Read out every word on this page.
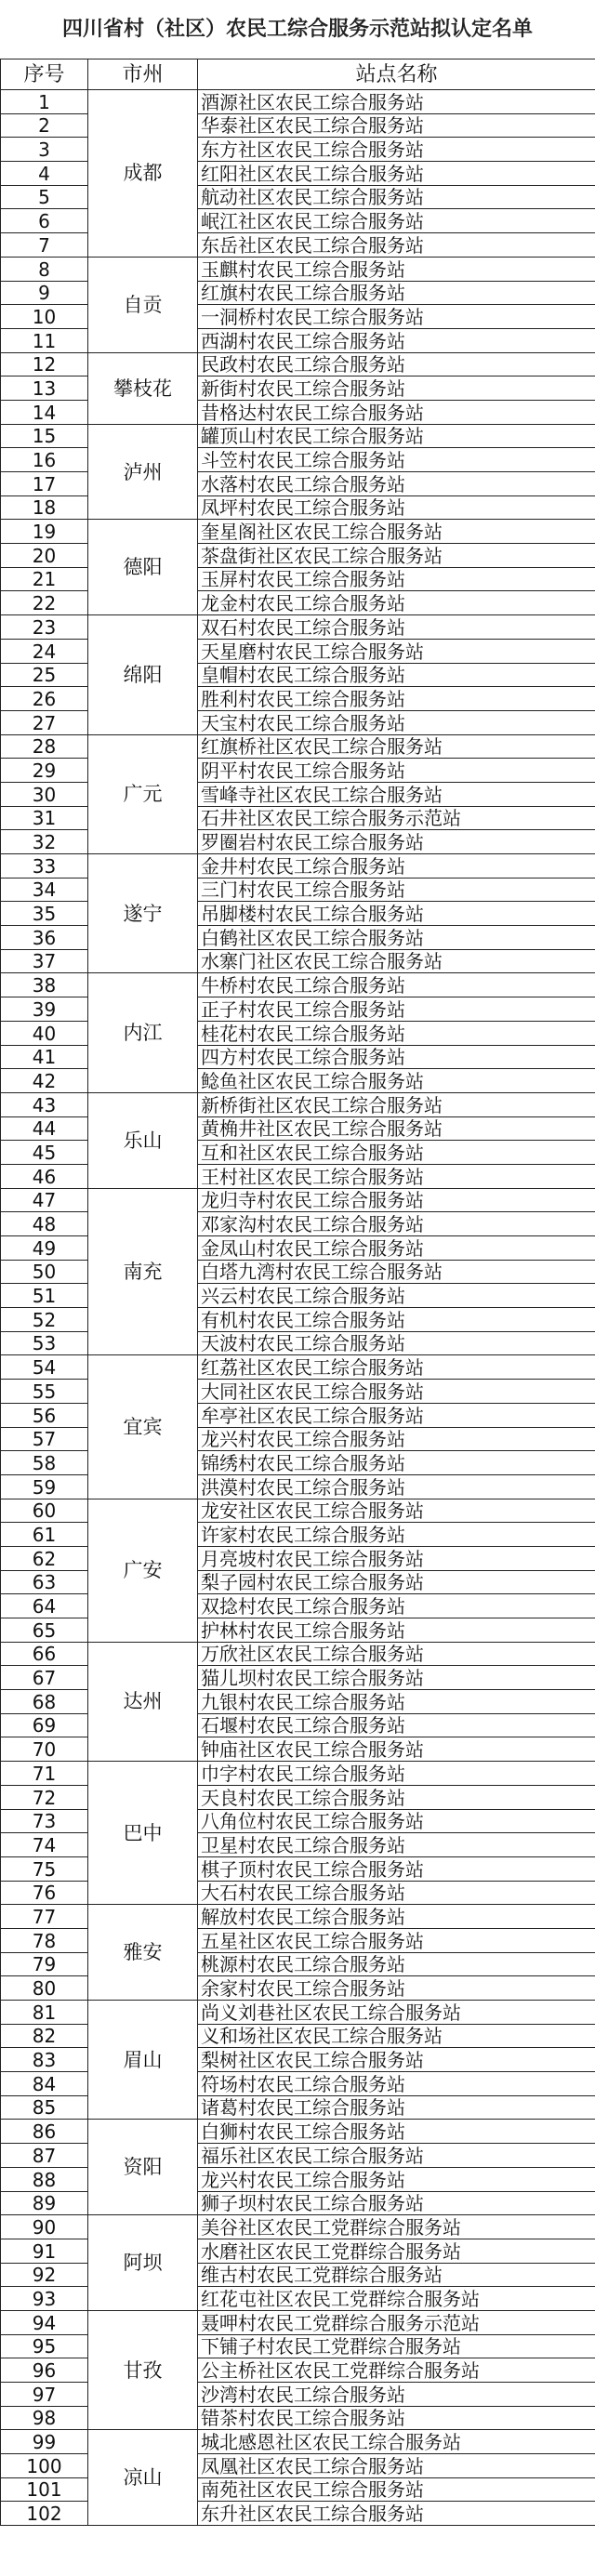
四川省村（社区）农民工综合服务示范站拟认定名单
序号	市州	站点名称
1	成都	酒源社区农民工综合服务站
2		华泰社区农民工综合服务站
3		东方社区农民工综合服务站
4		红阳社区农民工综合服务站
5		航动社区农民工综合服务站
6		岷江社区农民工综合服务站
7		东岳社区农民工综合服务站
8	自贡	玉麒村农民工综合服务站
9		红旗村农民工综合服务站
10		一洞桥村农民工综合服务站
11		西湖村农民工综合服务站
12	攀枝花	民政村农民工综合服务站
13		新街村农民工综合服务站
14		昔格达村农民工综合服务站
15	泸州	罐顶山村农民工综合服务站
16		斗笠村农民工综合服务站
17		水落村农民工综合服务站
18		凤坪村农民工综合服务站
19	德阳	奎星阁社区农民工综合服务站
20		茶盘街社区农民工综合服务站
21		玉屏村农民工综合服务站
22		龙金村农民工综合服务站
23	绵阳	双石村农民工综合服务站
24		天星磨村农民工综合服务站
25		皇帽村农民工综合服务站
26		胜利村农民工综合服务站
27		天宝村农民工综合服务站
28	广元	红旗桥社区农民工综合服务站
29		阴平村农民工综合服务站
30		雪峰寺社区农民工综合服务站
31		石井社区农民工综合服务示范站
32		罗圈岩村农民工综合服务站
33	遂宁	金井村农民工综合服务站
34		三门村农民工综合服务站
35		吊脚楼村农民工综合服务站
36		白鹤社区农民工综合服务站
37		水寨门社区农民工综合服务站
38	内江	牛桥村农民工综合服务站
39		正子村农民工综合服务站
40		桂花村农民工综合服务站
41		四方村农民工综合服务站
42		鲶鱼社区农民工综合服务站
43	乐山	新桥街社区农民工综合服务站
44		黄桷井社区农民工综合服务站
45		互和社区农民工综合服务站
46		王村社区农民工综合服务站
47	南充	龙归寺村农民工综合服务站
48		邓家沟村农民工综合服务站
49		金凤山村农民工综合服务站
50		白塔九湾村农民工综合服务站
51		兴云村农民工综合服务站
52		有机村农民工综合服务站
53		天波村农民工综合服务站
54	宜宾	红荔社区农民工综合服务站
55		大同社区农民工综合服务站
56		牟亭社区农民工综合服务站
57		龙兴村农民工综合服务站
58		锦绣村农民工综合服务站
59		洪漠村农民工综合服务站
60	广安	龙安社区农民工综合服务站
61		许家村农民工综合服务站
62		月亮坡村农民工综合服务站
63		梨子园村农民工综合服务站
64		双捻村农民工综合服务站
65		护林村农民工综合服务站
66	达州	万欣社区农民工综合服务站
67		猫儿坝村农民工综合服务站
68		九银村农民工综合服务站
69		石堰村农民工综合服务站
70		钟庙社区农民工综合服务站
71	巴中	巾字村农民工综合服务站
72		天良村农民工综合服务站
73		八角位村农民工综合服务站
74		卫星村农民工综合服务站
75		棋子顶村农民工综合服务站
76		大石村农民工综合服务站
77	雅安	解放村农民工综合服务站
78		五星社区农民工综合服务站
79		桃源村农民工综合服务站
80		余家村农民工综合服务站
81	眉山	尚义刘巷社区农民工综合服务站
82		义和场社区农民工综合服务站
83		梨树社区农民工综合服务站
84		符场村农民工综合服务站
85		诸葛村农民工综合服务站
86	资阳	白狮村农民工综合服务站
87		福乐社区农民工综合服务站
88		龙兴村农民工综合服务站
89		狮子坝村农民工综合服务站
90	阿坝	美谷社区农民工党群综合服务站
91		水磨社区农民工党群综合服务站
92		维古村农民工党群综合服务站
93		红花屯社区农民工党群综合服务站
94	甘孜	聂呷村农民工党群综合服务示范站
95		下铺子村农民工党群综合服务站
96		公主桥社区农民工党群综合服务站
97		沙湾村农民工综合服务站
98		错茶村农民工综合服务站
99	凉山	城北感恩社区农民工综合服务站
100		凤凰社区农民工综合服务站
101		南苑社区农民工综合服务站
102		东升社区农民工综合服务站
